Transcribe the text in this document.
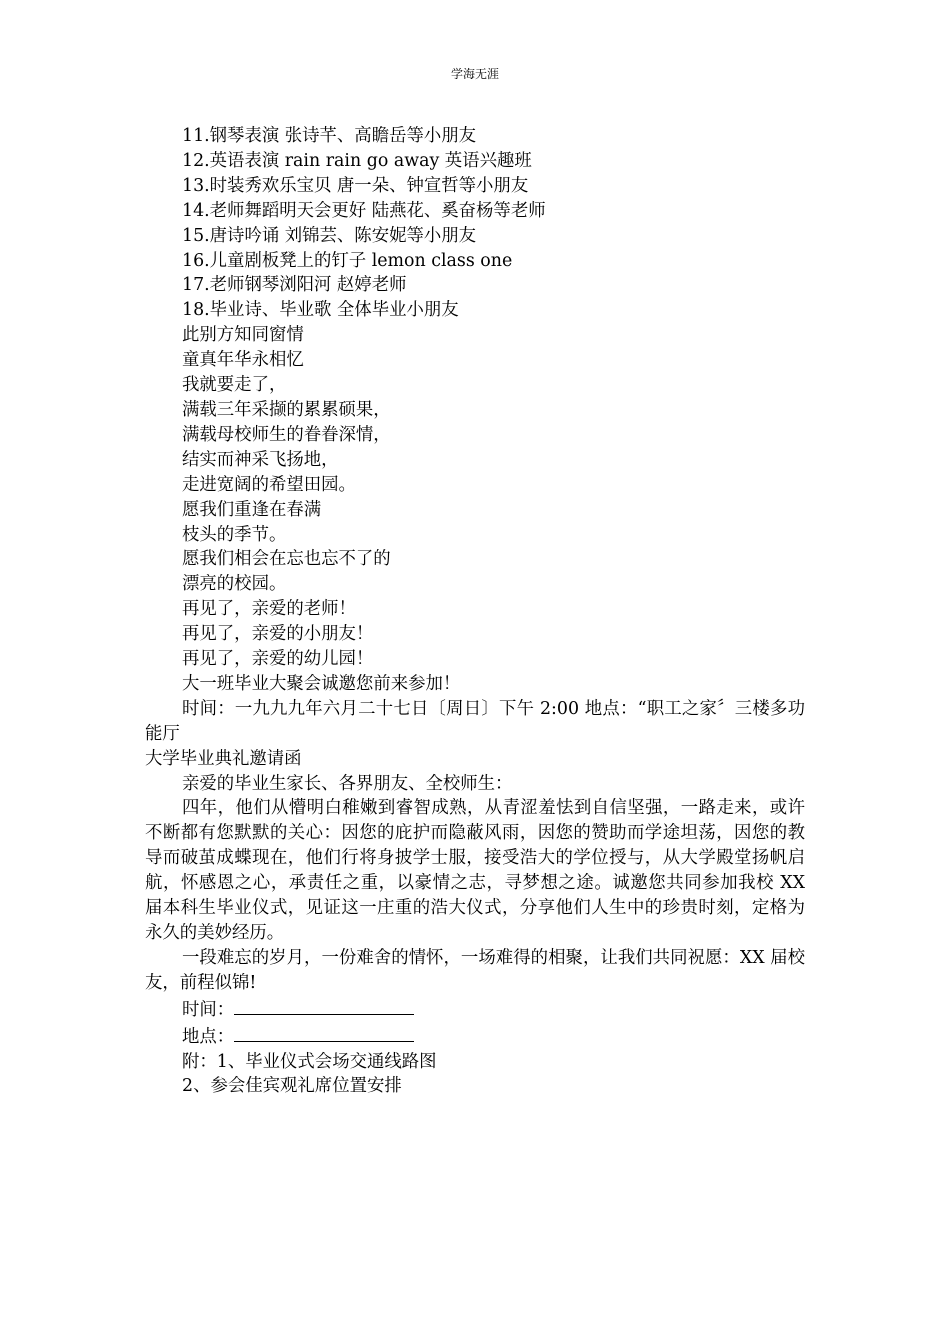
学海无涯

11.钢琴表演 张诗芊、高瞻岳等小朋友

12.英语表演 rain rain go away 英语兴趣班

13.时装秀欢乐宝贝 唐一朵、钟宣哲等小朋友

14.老师舞蹈明天会更好 陆燕花、奚奋杨等老师

15.唐诗吟诵 刘锦芸、陈安妮等小朋友

16.儿童剧板凳上的钉子 lemon class one

17.老师钢琴浏阳河 赵婷老师

18.毕业诗、毕业歌 全体毕业小朋友

此别方知同窗情

童真年华永相忆

我就要走了，

满载三年采撷的累累硕果，

满载母校师生的眷眷深情，

结实而神采飞扬地，

走进宽阔的希望田园。

愿我们重逢在春满

枝头的季节。

愿我们相会在忘也忘不了的

漂亮的校园。

再见了，亲爱的老师！

再见了，亲爱的小朋友！

再见了，亲爱的幼儿园！

大一班毕业大聚会诚邀您前来参加！

时间：一九九九年六月二十七日〔周日〕下午 2:00 地点：“职工之家〞三楼多功能厅

大学毕业典礼邀请函

亲爱的毕业生家长、各界朋友、全校师生：

四年，他们从懵明白稚嫩到睿智成熟，从青涩羞怯到自信坚强，一路走来，或许不断都有您默默的关心：因您的庇护而隐蔽风雨，因您的赞助而学途坦荡，因您的教导而破茧成蝶现在，他们行将身披学士服，接受浩大的学位授与，从大学殿堂扬帆启航，怀感恩之心，承责任之重，以豪情之志，寻梦想之途。诚邀您共同参加我校 XX 届本科生毕业仪式，见证这一庄重的浩大仪式，分享他们人生中的珍贵时刻，定格为永久的美妙经历。

一段难忘的岁月，一份难舍的情怀，一场难得的相聚，让我们共同祝愿：XX 届校友，前程似锦!

时间：

地点：

附：1、毕业仪式会场交通线路图

2、参会佳宾观礼席位置安排
